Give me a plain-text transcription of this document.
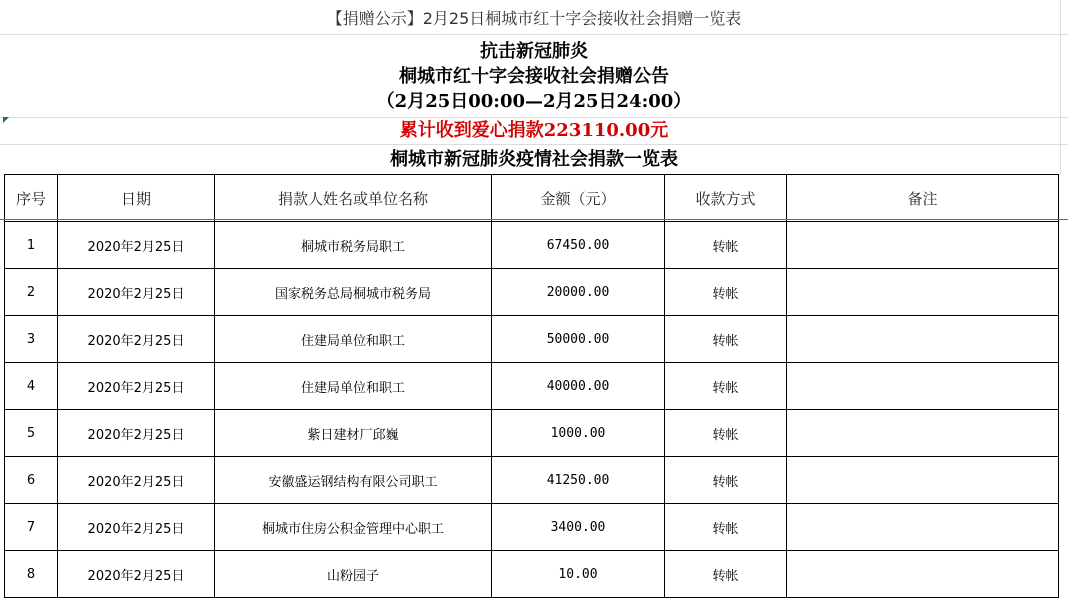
【捐赠公示】2月25日桐城市红十字会接收社会捐赠一览表
抗击新冠肺炎
桐城市红十字会接收社会捐赠公告
（2月25日00:00—2月25日24:00）
累计收到爱心捐款223110.00元
桐城市新冠肺炎疫情社会捐款一览表
序号	日期	捐款人姓名或单位名称	金额（元）	收款方式	备注
1	2020年2月25日	桐城市税务局职工	67450.00	转帐	
2	2020年2月25日	国家税务总局桐城市税务局	20000.00	转帐	
3	2020年2月25日	住建局单位和职工	50000.00	转帐	
4	2020年2月25日	住建局单位和职工	40000.00	转帐	
5	2020年2月25日	紫日建材厂邱巍	1000.00	转帐	
6	2020年2月25日	安徽盛运钢结构有限公司职工	41250.00	转帐	
7	2020年2月25日	桐城市住房公积金管理中心职工	3400.00	转帐	
8	2020年2月25日	山粉园子	10.00	转帐	
